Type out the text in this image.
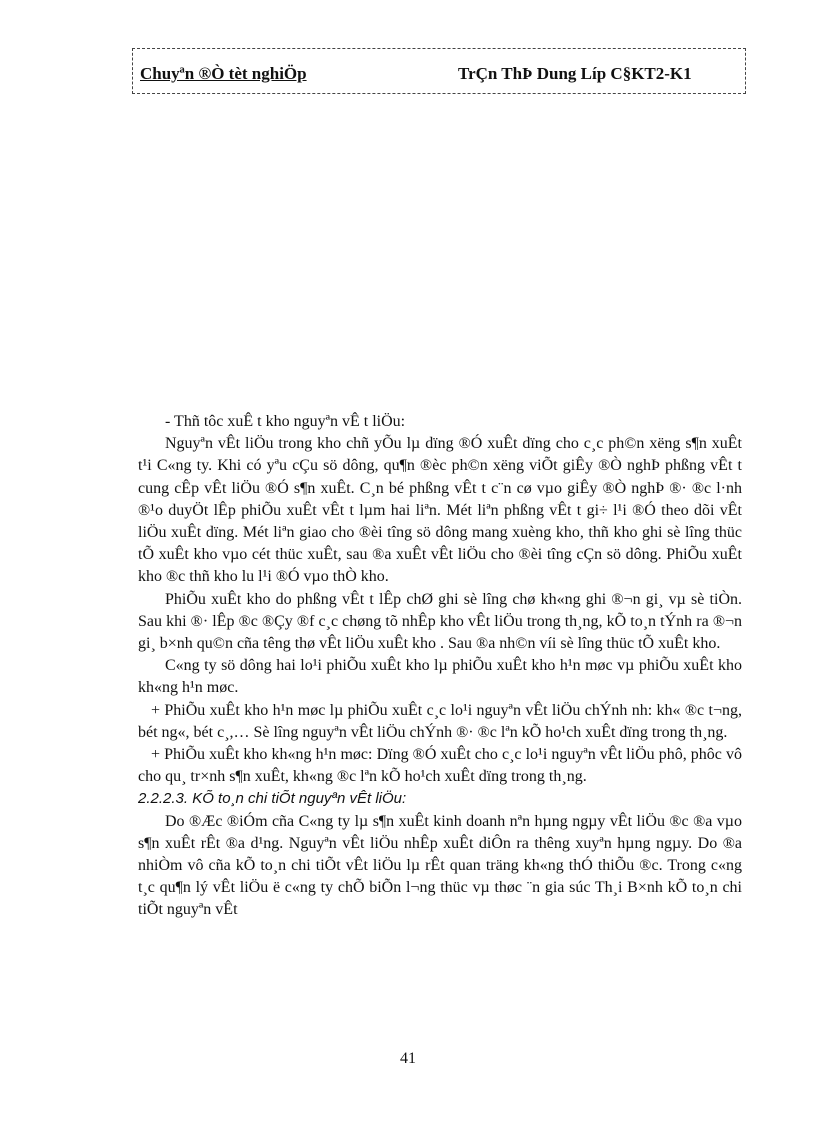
Chuyªn ®Ò tèt nghiÖp	TrÇn ThÞ Dung Líp C§KT2-K1

- Thñ tôc xuÊ t kho nguyªn vÊ t liÖu:

Nguyªn vÊt liÖu trong kho chñ yÕu lµ dïng ®Ó xuÊt dïng cho c¸c ph©n xëng s¶n xuÊt t¹i C«ng ty. Khi có yªu cÇu sö dông, qu¶n ®èc ph©n xëng viÕt giÊy ®Ò nghÞ phßng vÊt t cung cÊp vÊt liÖu ®Ó s¶n xuÊt. C¸n bé phßng vÊt t c¨n cø vµo giÊy ®Ò nghÞ ®· ®c l·nh ®¹o duyÖt lÊp phiÕu xuÊt vÊt t lµm hai liªn. Mét liªn phßng vÊt t gi÷ l¹i ®Ó theo dõi vÊt liÖu xuÊt dïng. Mét liªn giao cho ®èi tîng sö dông mang xuèng kho, thñ kho ghi sè lîng thüc tÕ xuÊt kho vµo cét thüc xuÊt, sau ®a xuÊt vÊt liÖu cho ®èi tîng cÇn sö dông. PhiÕu xuÊt kho ®c thñ kho lu l¹i ®Ó vµo thÒ kho.

PhiÕu xuÊt kho do phßng vÊt t lÊp chØ ghi sè lîng chø kh«ng ghi ®¬n gi¸ vµ sè tiÒn. Sau khi ®· lÊp ®c ®Çy ®f c¸c chøng tõ nhÊp kho vÊt liÖu trong th¸ng, kÕ to¸n tÝnh ra ®¬n gi¸ b×nh qu©n cña têng thø vÊt liÖu xuÊt kho . Sau ®a nh©n víi sè lîng thüc tÕ xuÊt kho.

C«ng ty sö dông hai lo¹i phiÕu xuÊt kho lµ phiÕu xuÊt kho h¹n møc vµ phiÕu xuÊt kho kh«ng h¹n møc.

+ PhiÕu xuÊt kho h¹n møc lµ phiÕu xuÊt c¸c lo¹i nguyªn vÊt liÖu chÝnh nh: kh« ®c t¬ng, bét ng«, bét c¸,… Sè lîng nguyªn vÊt liÖu chÝnh ®· ®c lªn kÕ ho¹ch xuÊt dïng trong th¸ng.

+ PhiÕu xuÊt kho kh«ng h¹n møc: Dïng ®Ó xuÊt cho c¸c lo¹i nguyªn vÊt liÖu phô, phôc vô cho qu¸ tr×nh s¶n xuÊt, kh«ng ®c lªn kÕ ho¹ch xuÊt dïng trong th¸ng.

2.2.2.3. KÕ to¸n chi tiÕt nguyªn vÊt liÖu:

Do ®Æc ®iÓm cña C«ng ty lµ s¶n xuÊt kinh doanh nªn hµng ngµy vÊt liÖu ®c ®a vµo s¶n xuÊt rÊt ®a d¹ng. Nguyªn vÊt liÖu nhÊp xuÊt diÔn ra thêng xuyªn hµng ngµy. Do ®a nhiÒm vô cña kÕ to¸n chi tiÕt vÊt liÖu lµ rÊt quan träng kh«ng thÓ thiÕu ®c. Trong c«ng t¸c qu¶n lý vÊt liÖu ë c«ng ty chÕ biÕn l¬ng thüc vµ thøc ¨n gia súc Th¸i B×nh kÕ to¸n chi tiÕt nguyªn vÊt

41
